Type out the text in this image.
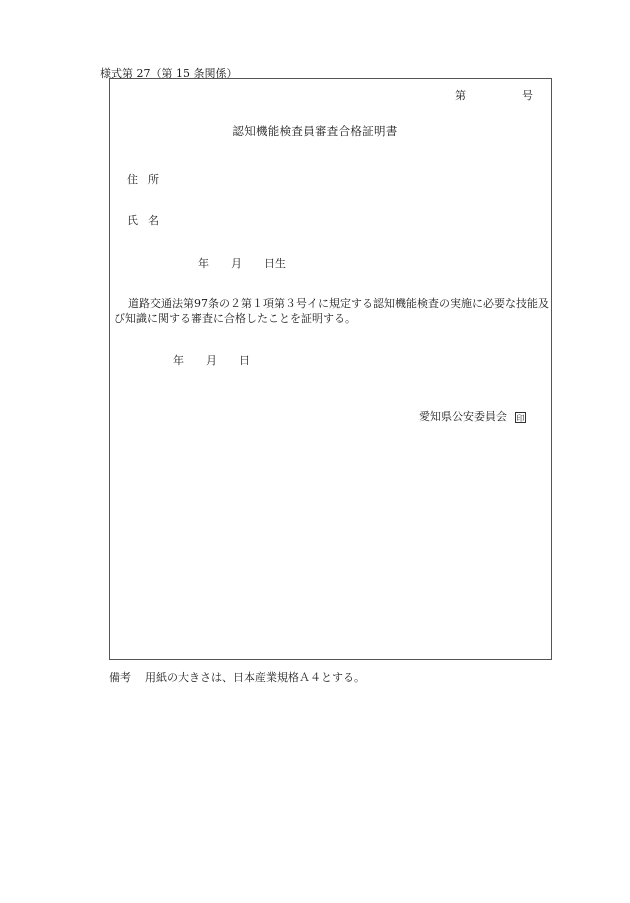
様式第 27（第 15 条関係）
第	号
認知機能検査員審査合格証明書
住 所
氏 名
年 月 日生
道路交通法第97条の２第１項第３号イに規定する認知機能検査の実施に必要な技能及び知識に関する審査に合格したことを証明する。
年 月 日
愛知県公安委員会 印
備考 用紙の大きさは、日本産業規格Ａ４とする。
